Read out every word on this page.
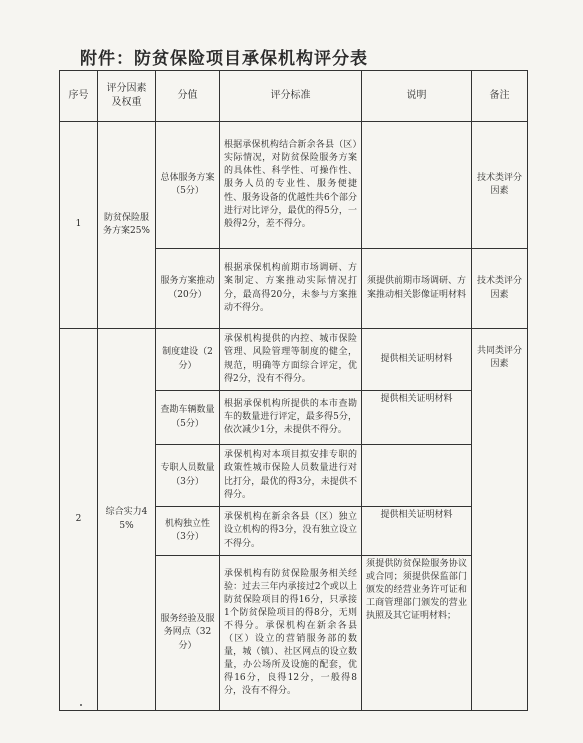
附件：防贫保险项目承保机构评分表
序号	评分因素及权重	分值	评分标准	说明	备注
1	防贫保险服务方案25%	总体服务方案（5分）	根据承保机构结合新余各县（区）实际情况，对防贫保险服务方案的具体性、科学性、可操作性、服务人员的专业性、服务便捷性、服务设备的优越性共6个部分进行对比评分，最优的得5分，一般得2分，差不得分。		技术类评分因素
		服务方案推动（20分）	根据承保机构前期市场调研、方案制定、方案推动实际情况打分，最高得20分，未参与方案推动不得分。	须提供前期市场调研、方案推动相关影像证明材料	技术类评分因素
2	综合实力45%	制度建设（2分）	承保机构提供的内控、城市保险管理、风险管理等制度的健全，规范，明确等方面综合评定，优得2分，没有不得分。	提供相关证明材料	共同类评分因素
		查勘车辆数量（5分）	根据承保机构所提供的本市查勘车的数量进行评定，最多得5分，依次减少1分，未提供不得分。	提供相关证明材料	
		专职人员数量（3分）	承保机构对本项目拟安排专职的政策性城市保险人员数量进行对比打分，最优的得3分，未提供不得分。		
		机构独立性（3分）	承保机构在新余各县（区）独立设立机构的得3分，没有独立设立不得分。	提供相关证明材料	
		服务经验及服务网点（32分）	承保机构有防贫保险服务相关经验：过去三年内承接过2个或以上防贫保险项目的得16分，只承接1个防贫保险项目的得8分，无则不得分。承保机构在新余各县（区）设立的营销服务部的数量，城（镇）、社区网点的设立数量，办公场所及设施的配套，优得16分，良得12分，一般得8分，没有不得分。	须提供防贫保险服务协议或合同；须提供保监部门颁发的经营业务许可证和工商管理部门颁发的营业执照及其它证明材料；	
